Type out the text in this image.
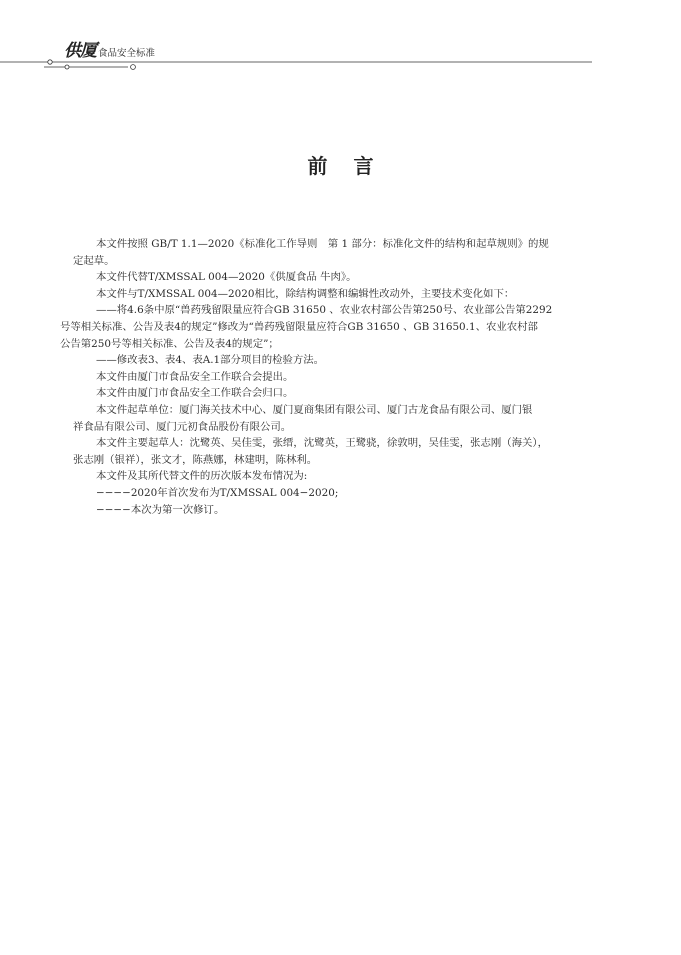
供厦 食品安全标准
前言
本文件按照 GB/T 1.1—2020《标准化工作导则　第 1 部分：标准化文件的结构和起草规则》的规
定起草。
本文件代替T/XMSSAL 004—2020《供厦食品 牛肉》。
本文件与T/XMSSAL 004—2020相比，除结构调整和编辑性改动外，主要技术变化如下：
——将4.6条中原“兽药残留限量应符合GB 31650 、农业农村部公告第250号、农业部公告第2292
号等相关标准、公告及表4的规定”修改为“兽药残留限量应符合GB 31650 、GB 31650.1、农业农村部
公告第250号等相关标准、公告及表4的规定”；
——修改表3、表4、表A.1部分项目的检验方法。
本文件由厦门市食品安全工作联合会提出。
本文件由厦门市食品安全工作联合会归口。
本文件起草单位：厦门海关技术中心、厦门夏商集团有限公司、厦门古龙食品有限公司、厦门银
祥食品有限公司、厦门元初食品股份有限公司。
本文件主要起草人：沈鹭英、吴佳雯，张缙，沈鹭英，王鹭骁，徐敦明，吴佳雯，张志刚（海关），
张志刚（银祥），张文才，陈燕娜，林建明，陈林利。
本文件及其所代替文件的历次版本发布情况为:
−−−−2020年首次发布为T/XMSSAL 004−2020;
−−−−本次为第一次修订。
